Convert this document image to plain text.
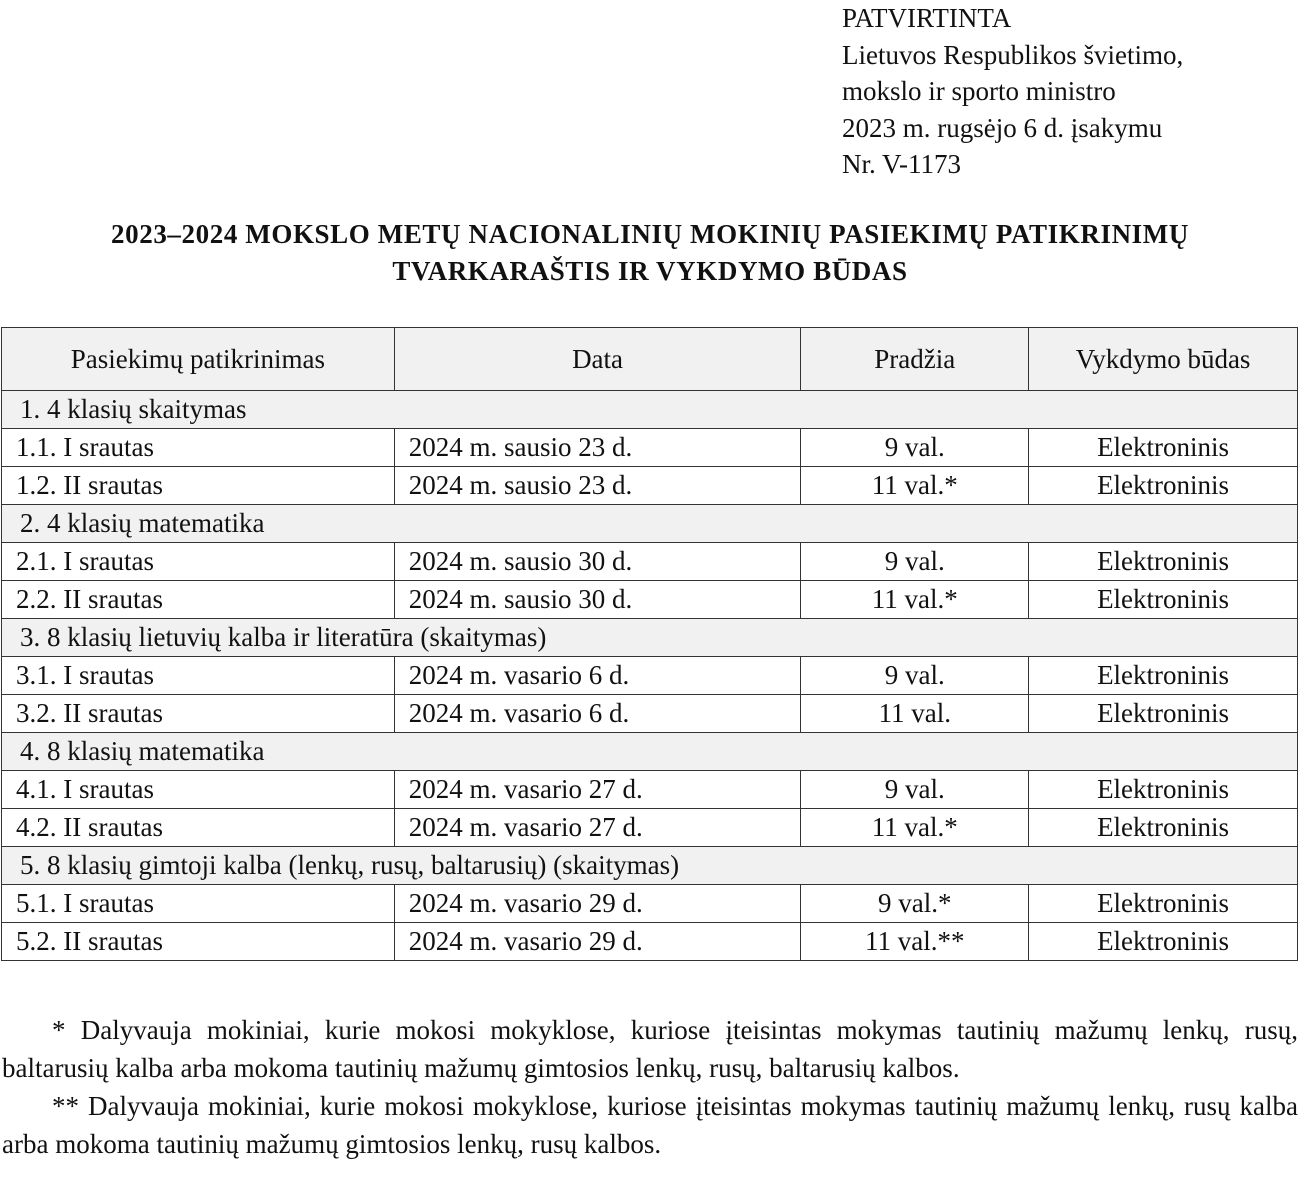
PATVIRTINTA
Lietuvos Respublikos švietimo,
mokslo ir sporto ministro
2023 m. rugsėjo 6 d. įsakymu
Nr. V-1173
2023–2024 MOKSLO METŲ NACIONALINIŲ MOKINIŲ PASIEKIMŲ PATIKRINIMŲ
TVARKARAŠTIS IR VYKDYMO BŪDAS
Pasiekimų patikrinimas	Data	Pradžia	Vykdymo būdas
1. 4 klasių skaitymas			
1.1. I srautas	2024 m. sausio 23 d.	9 val.	Elektroninis
1.2. II srautas	2024 m. sausio 23 d.	11 val.*	Elektroninis
2. 4 klasių matematika			
2.1. I srautas	2024 m. sausio 30 d.	9 val.	Elektroninis
2.2. II srautas	2024 m. sausio 30 d.	11 val.*	Elektroninis
3. 8 klasių lietuvių kalba ir literatūra (skaitymas)			
3.1. I srautas	2024 m. vasario 6 d.	9 val.	Elektroninis
3.2. II srautas	2024 m. vasario 6 d.	11 val.	Elektroninis
4. 8 klasių matematika			
4.1. I srautas	2024 m. vasario 27 d.	9 val.	Elektroninis
4.2. II srautas	2024 m. vasario 27 d.	11 val.*	Elektroninis
5. 8 klasių gimtoji kalba (lenkų, rusų, baltarusių) (skaitymas)			
5.1. I srautas	2024 m. vasario 29 d.	9 val.*	Elektroninis
5.2. II srautas	2024 m. vasario 29 d.	11 val.**	Elektroninis

* Dalyvauja mokiniai, kurie mokosi mokyklose, kuriose įteisintas mokymas tautinių mažumų lenkų, rusų, baltarusių kalba arba mokoma tautinių mažumų gimtosios lenkų, rusų, baltarusių kalbos.

** Dalyvauja mokiniai, kurie mokosi mokyklose, kuriose įteisintas mokymas tautinių mažumų lenkų, rusų kalba arba mokoma tautinių mažumų gimtosios lenkų, rusų kalbos.
